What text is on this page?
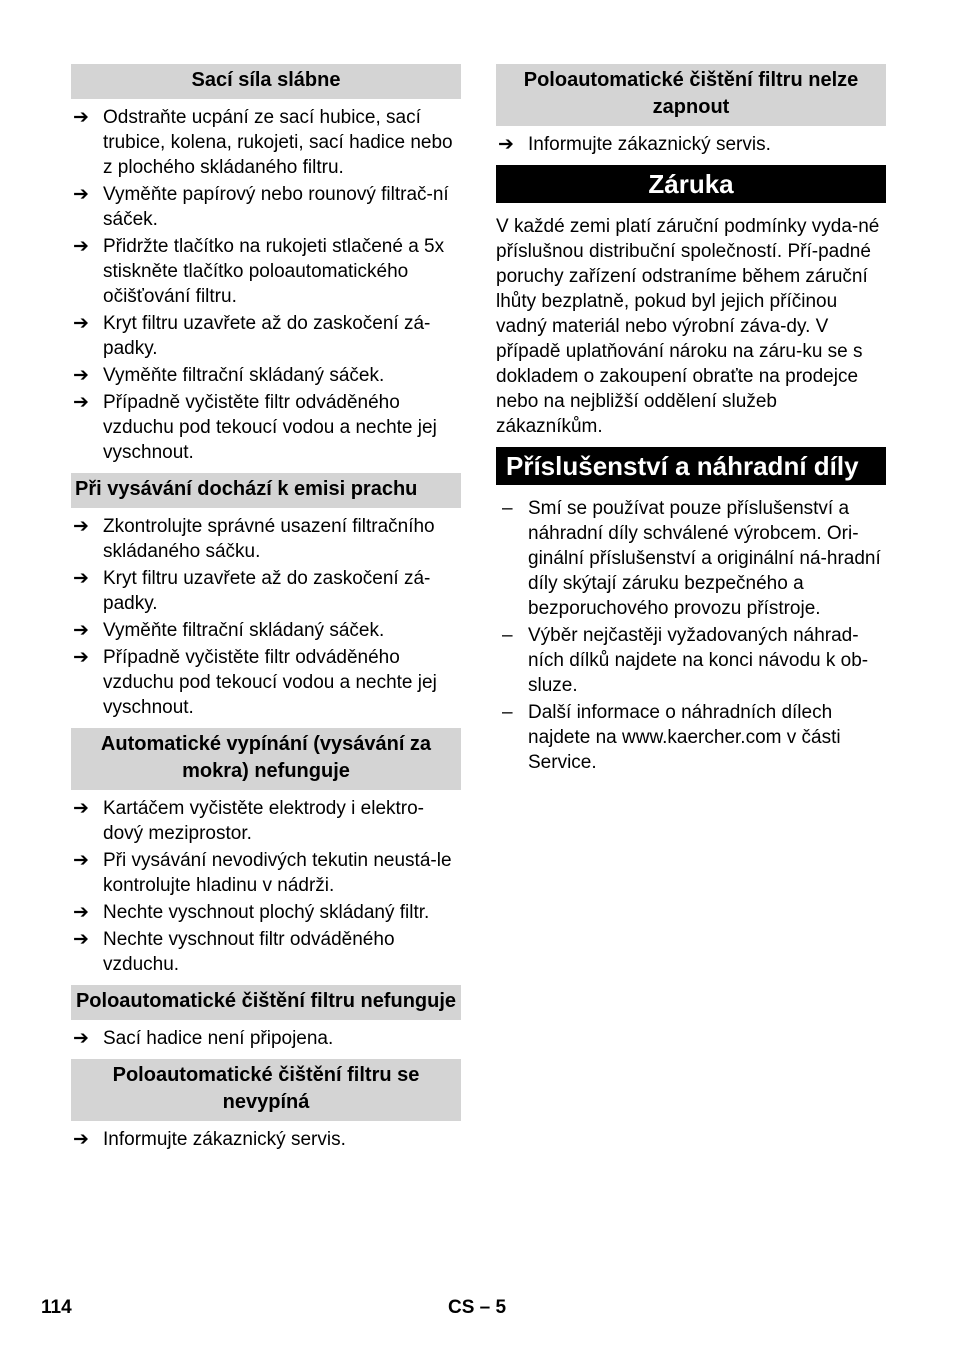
Sací síla slábne
➔ Odstraňte ucpání ze sací hubice, sací trubice, kolena, rukojeti, sací hadice nebo z plochého skládaného filtru.
➔ Vyměňte papírový nebo rounový filtrač-ní sáček.
➔ Přidržte tlačítko na rukojeti stlačené a 5x stiskněte tlačítko poloautomatického očišťování filtru.
➔ Kryt filtru uzavřete až do zaskočení zá-padky.
➔ Vyměňte filtrační skládaný sáček.
➔ Případně vyčistěte filtr odváděného vzduchu pod tekoucí vodou a nechte jej vyschnout.
Při vysávání dochází k emisi prachu
➔ Zkontrolujte správné usazení filtračního skládaného sáčku.
➔ Kryt filtru uzavřete až do zaskočení zá-padky.
➔ Vyměňte filtrační skládaný sáček.
➔ Případně vyčistěte filtr odváděného vzduchu pod tekoucí vodou a nechte jej vyschnout.
Automatické vypínání (vysávání za mokra) nefunguje
➔ Kartáčem vyčistěte elektrody i elektro-dový meziprostor.
➔ Při vysávání nevodivých tekutin neustá-le kontrolujte hladinu v nádrži.
➔ Nechte vyschnout plochý skládaný filtr.
➔ Nechte vyschnout filtr odváděného vzduchu.
Poloautomatické čištění filtru nefunguje
➔ Sací hadice není připojena.
Poloautomatické čištění filtru se nevypíná
➔ Informujte zákaznický servis.
Poloautomatické čištění filtru nelze zapnout
➔ Informujte zákaznický servis.
Záruka

V každé zemi platí záruční podmínky vyda-né příslušnou distribuční společností. Pří-padné poruchy zařízení odstraníme během záruční lhůty bezplatně, pokud byl jejich příčinou vadný materiál nebo výrobní záva-dy. V případě uplatňování nároku na záru-ku se s dokladem o zakoupení obraťte na prodejce nebo na nejbližší oddělení služeb zákazníkům.

Příslušenství a náhradní díly
– Smí se používat pouze příslušenství a náhradní díly schválené výrobcem. Ori-ginální příslušenství a originální ná-hradní díly skýtají záruku bezpečného a bezporuchového provozu přístroje.
– Výběr nejčastěji vyžadovaných náhrad-ních dílků najdete na konci návodu k ob-sluze.
– Další informace o náhradních dílech najdete na www.kaercher.com v části Service.
114	CS – 5
